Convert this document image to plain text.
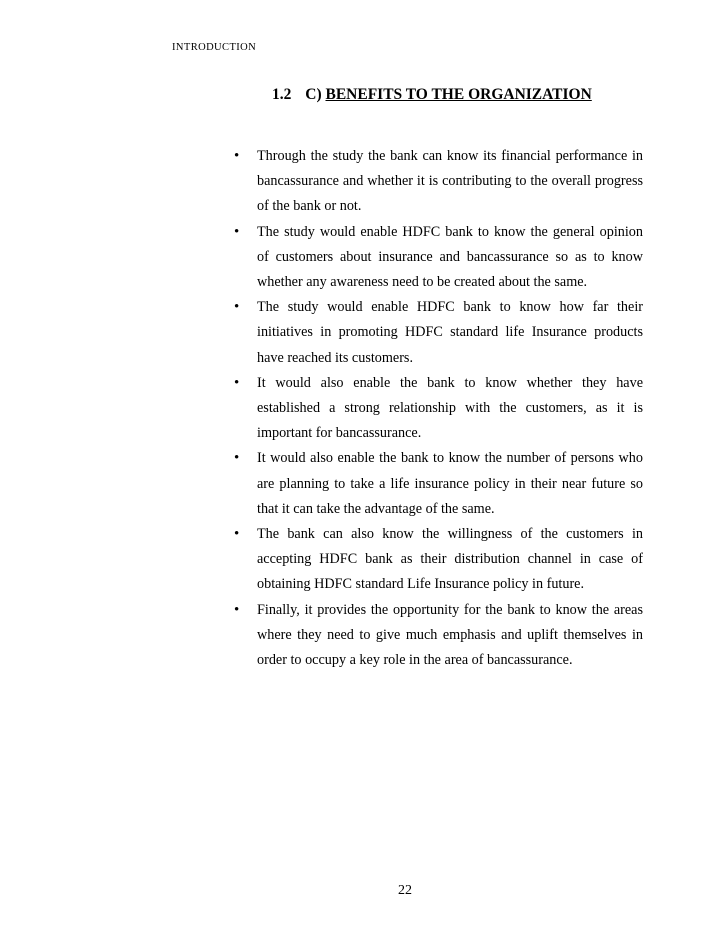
INTRODUCTION
1.2 C) BENEFITS TO THE ORGANIZATION
• Through the study the bank can know its financial performance in bancassurance and whether it is contributing to the overall progress of the bank or not.
• The study would enable HDFC bank to know the general opinion of customers about insurance and bancassurance so as to know whether any awareness need to be created about the same.
• The study would enable HDFC bank to know how far their initiatives in promoting HDFC standard life Insurance products have reached its customers.
• It would also enable the bank to know whether they have established a strong relationship with the customers, as it is important for bancassurance.
• It would also enable the bank to know the number of persons who are planning to take a life insurance policy in their near future so that it can take the advantage of the same.
• The bank can also know the willingness of the customers in accepting HDFC bank as their distribution channel in case of obtaining HDFC standard Life Insurance policy in future.
• Finally, it provides the opportunity for the bank to know the areas where they need to give much emphasis and uplift themselves in order to occupy a key role in the area of bancassurance.
22
